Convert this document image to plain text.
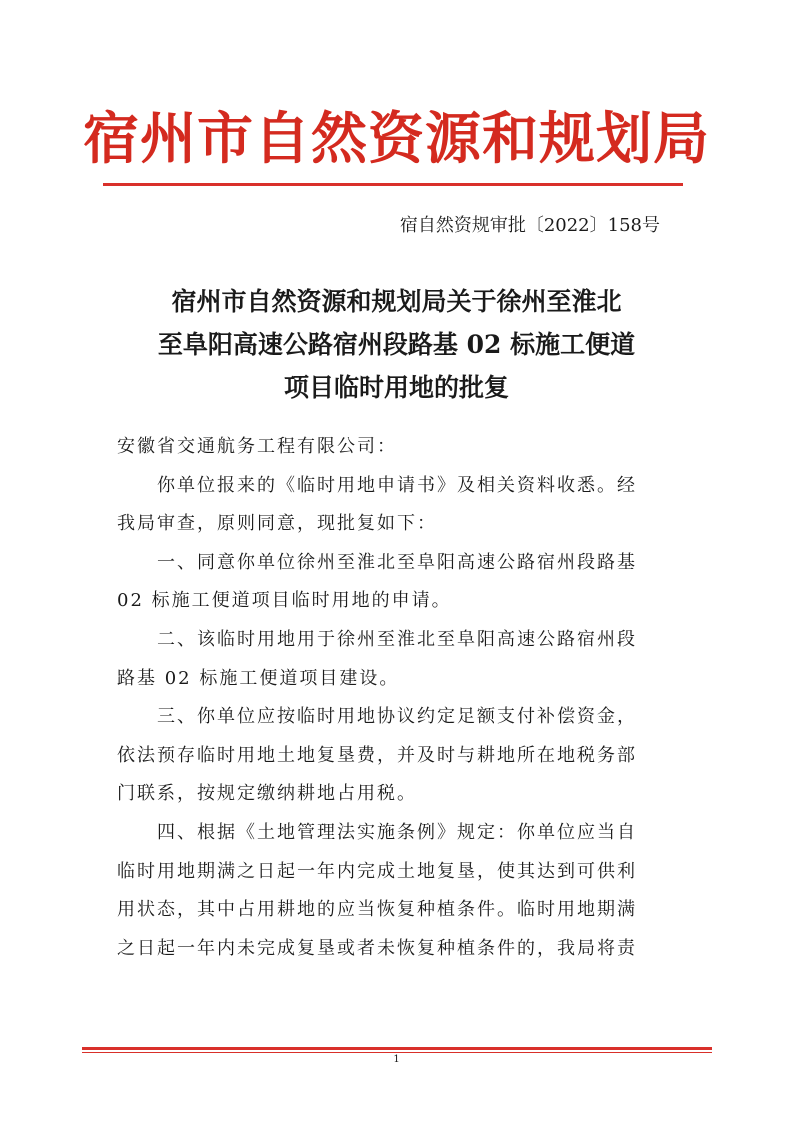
宿州市自然资源和规划局
宿自然资规审批〔2022〕158号
宿州市自然资源和规划局关于徐州至淮北
至阜阳高速公路宿州段路基 02 标施工便道
项目临时用地的批复
安徽省交通航务工程有限公司：
　　你单位报来的《临时用地申请书》及相关资料收悉。经
我局审查，原则同意，现批复如下：
　　一、同意你单位徐州至淮北至阜阳高速公路宿州段路基
02 标施工便道项目临时用地的申请。
　　二、该临时用地用于徐州至淮北至阜阳高速公路宿州段
路基 02 标施工便道项目建设。
　　三、你单位应按临时用地协议约定足额支付补偿资金，
依法预存临时用地土地复垦费，并及时与耕地所在地税务部
门联系，按规定缴纳耕地占用税。
　　四、根据《土地管理法实施条例》规定：你单位应当自
临时用地期满之日起一年内完成土地复垦，使其达到可供利
用状态，其中占用耕地的应当恢复种植条件。临时用地期满
之日起一年内未完成复垦或者未恢复种植条件的，我局将责
1
